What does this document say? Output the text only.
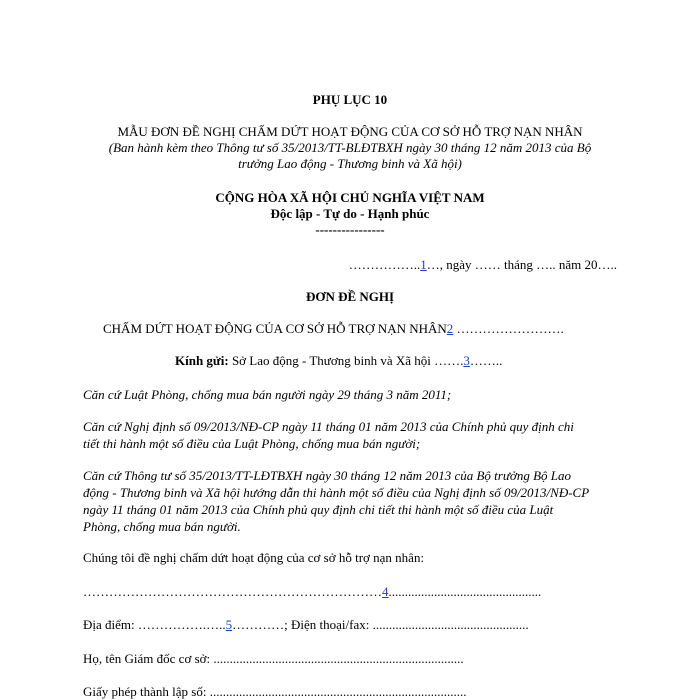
PHỤ LỤC 10
MẪU ĐƠN ĐỀ NGHỊ CHẤM DỨT HOẠT ĐỘNG CỦA CƠ SỞ HỖ TRỢ NẠN NHÂN
(Ban hành kèm theo Thông tư số 35/2013/TT-BLĐTBXH ngày 30 tháng 12 năm 2013 của Bộ
trưởng Lao động - Thương binh và Xã hội)
CỘNG HÒA XÃ HỘI CHỦ NGHĨA VIỆT NAM
Độc lập - Tự do - Hạnh phúc
----------------
……………..1…, ngày …… tháng ….. năm 20…..
ĐƠN ĐỀ NGHỊ
CHẤM DỨT HOẠT ĐỘNG CỦA CƠ SỞ HỖ TRỢ NẠN NHÂN2 …………………….
Kính gửi: Sở Lao động - Thương binh và Xã hội …….3……..
Căn cứ Luật Phòng, chống mua bán người ngày 29 tháng 3 năm 2011;
Căn cứ Nghị định số 09/2013/NĐ-CP ngày 11 tháng 01 năm 2013 của Chính phủ quy định chi
tiết thi hành một số điều của Luật Phòng, chống mua bán người;
Căn cứ Thông tư số 35/2013/TT-LĐTBXH ngày 30 tháng 12 năm 2013 của Bộ trưởng Bộ Lao
động - Thương binh và Xã hội hướng dẫn thi hành một số điều của Nghị định số 09/2013/NĐ-CP
ngày 11 tháng 01 năm 2013 của Chính phủ quy định chi tiết thi hành một số điều của Luật
Phòng, chống mua bán người.
Chúng tôi đề nghị chấm dứt hoạt động của cơ sở hỗ trợ nạn nhân:
……………………………………………………………4...............................................
Địa điểm: …………….…..5…………; Điện thoại/fax: ................................................
Họ, tên Giám đốc cơ sở: .............................................................................
Giấy phép thành lập số: ...............................................................................
